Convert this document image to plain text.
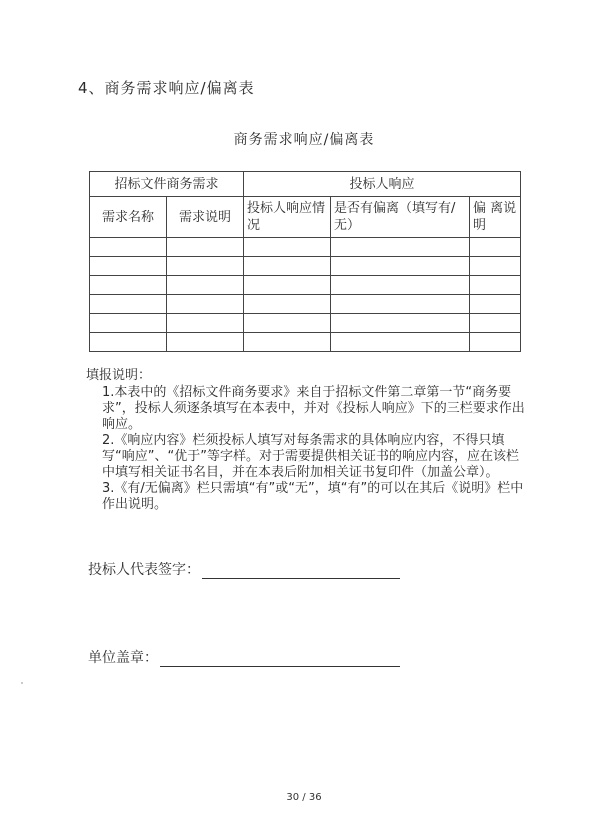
4、商务需求响应/偏离表
商务需求响应/偏离表
招标文件商务需求		投标人响应		
需求名称	需求说明	投标人响应情况	是否有偏离（填写有/无）	偏 离说明

填报说明：
1.本表中的《招标文件商务要求》来自于招标文件第二章第一节“商务要求”，投标人须逐条填写在本表中，并对《投标人响应》下的三栏要求作出响应。
2.《响应内容》栏须投标人填写对每条需求的具体响应内容，不得只填写“响应”、“优于”等字样。对于需要提供相关证书的响应内容，应在该栏中填写相关证书名目，并在本表后附加相关证书复印件（加盖公章）。
3.《有/无偏离》栏只需填“有”或“无”，填“有”的可以在其后《说明》栏中作出说明。
投标人代表签字：
单位盖章：
30 / 36
